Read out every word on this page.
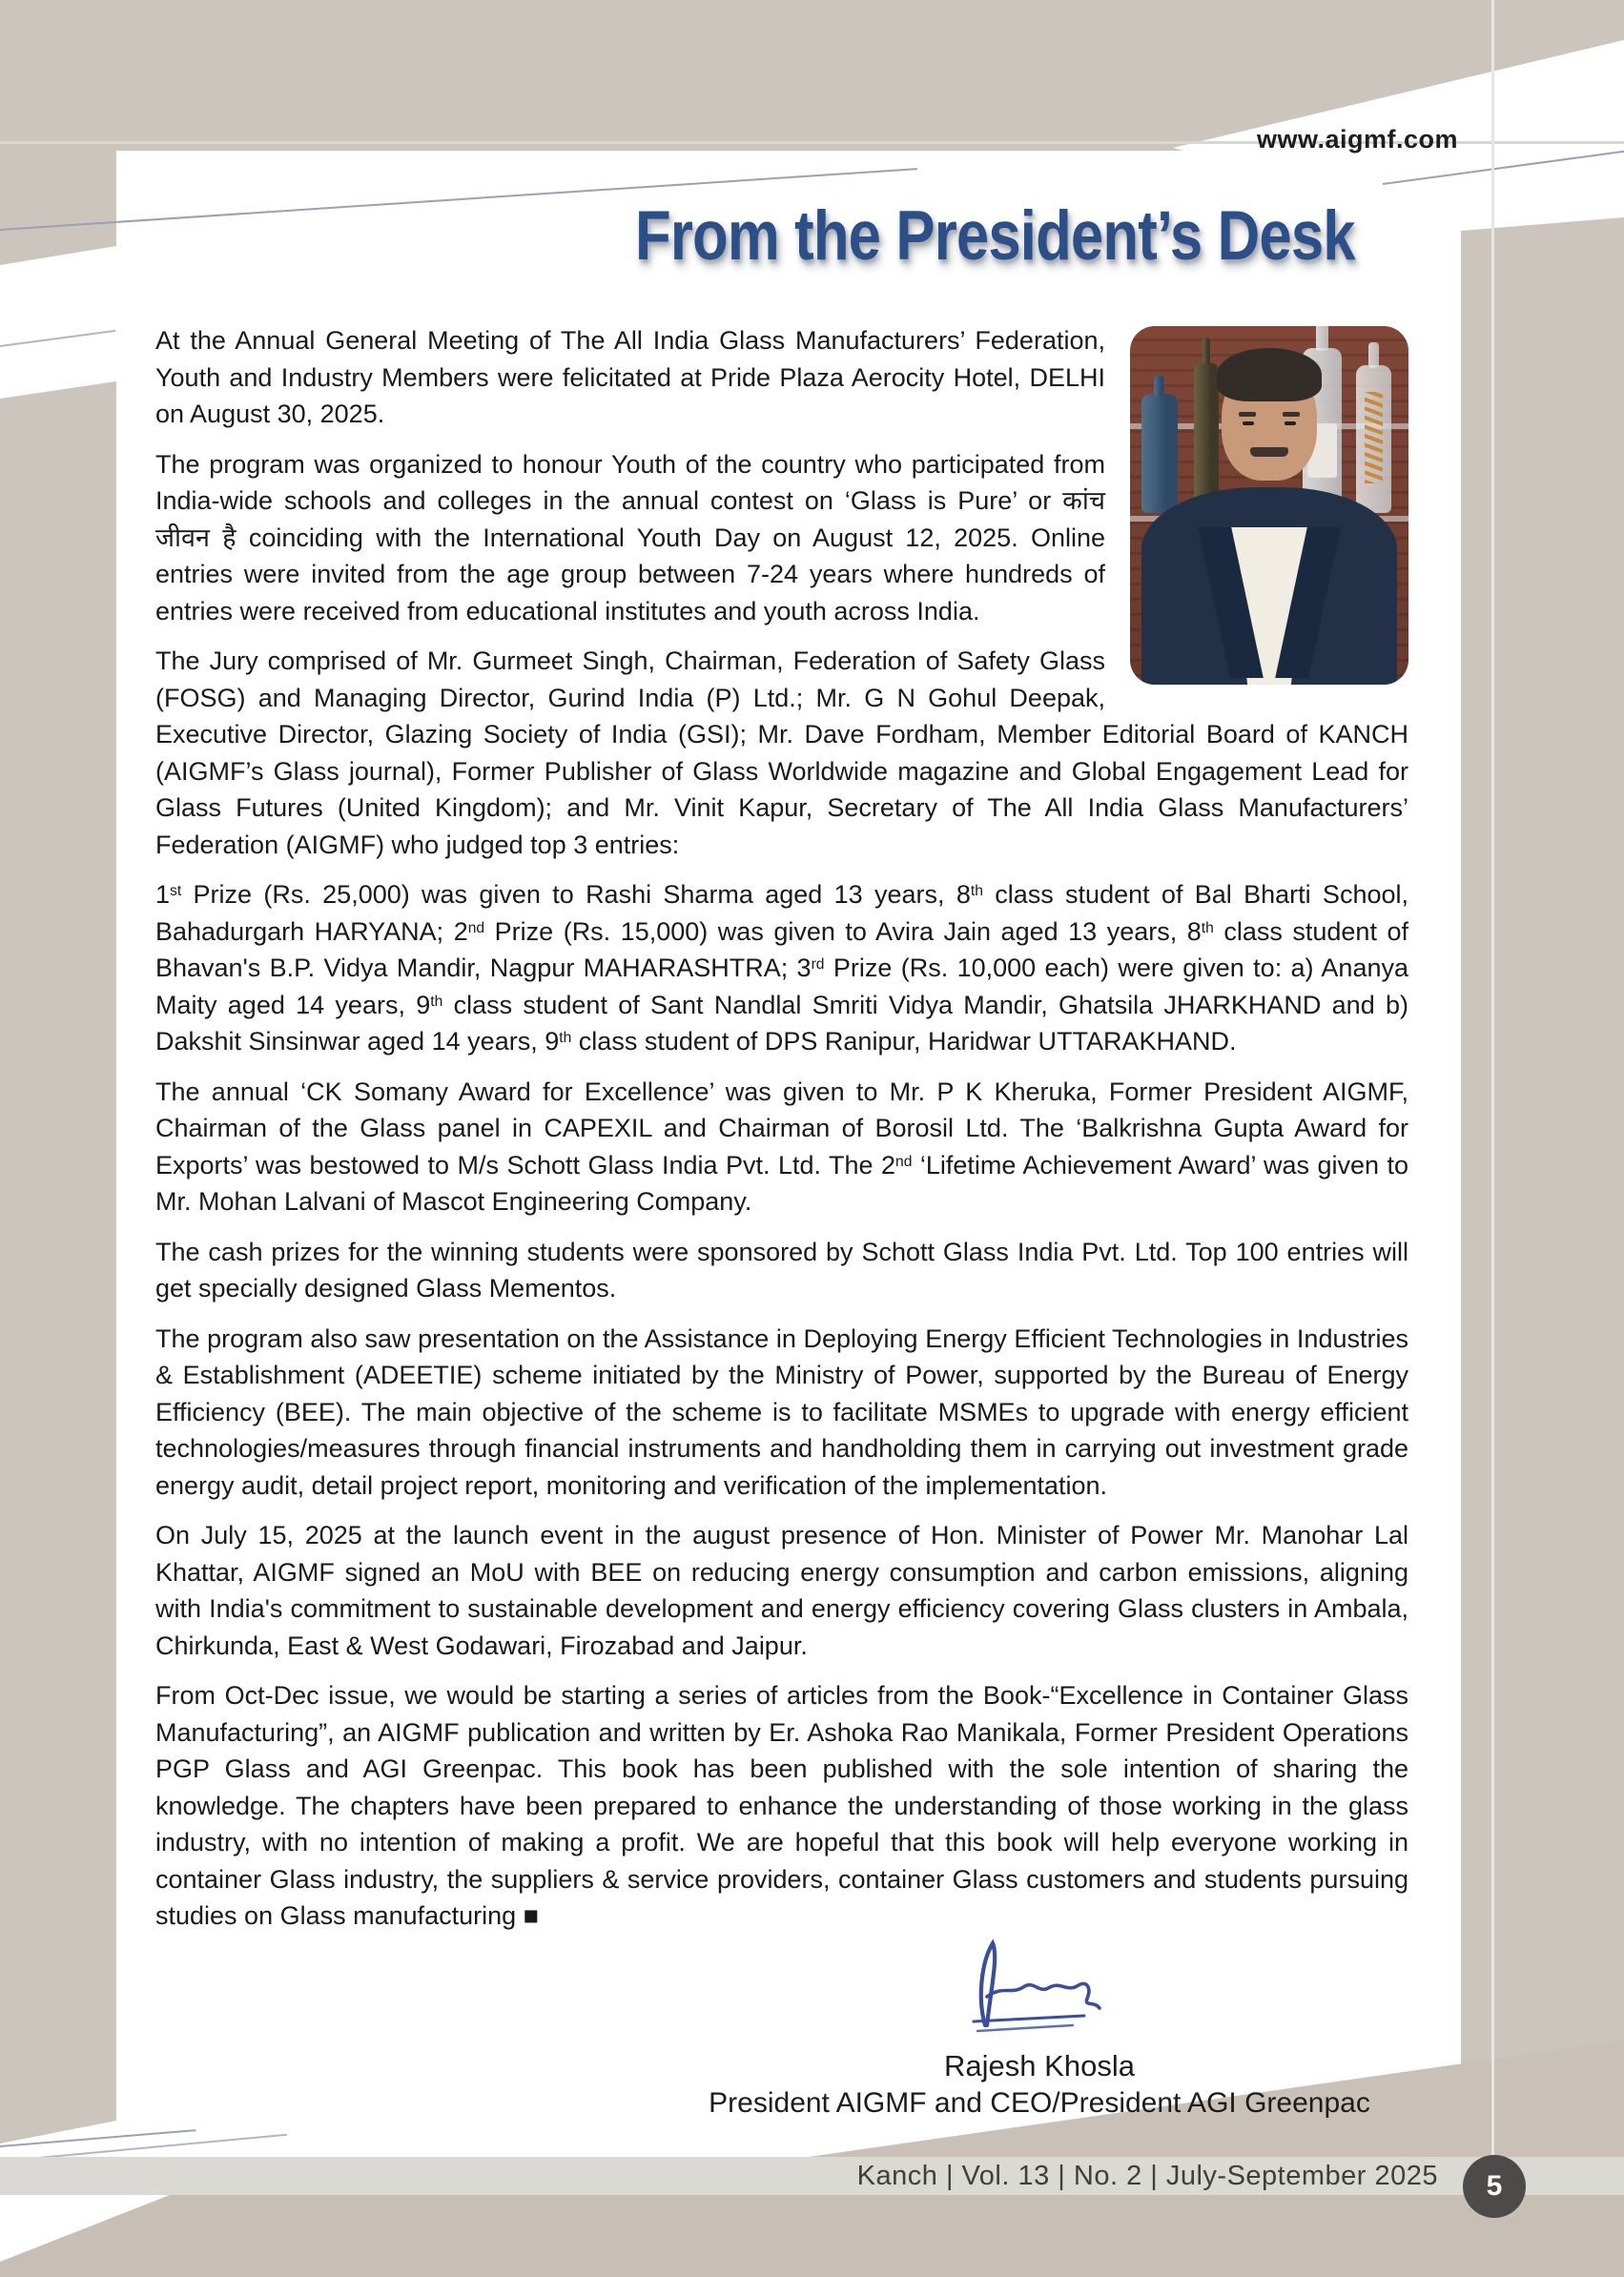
www.aigmf.com
From the President’s Desk

At the Annual General Meeting of The All India Glass Manufacturers’ Federation, Youth and Industry Members were felicitated at Pride Plaza Aerocity Hotel, DELHI on August 30, 2025.

The program was organized to honour Youth of the country who participated from India-wide schools and colleges in the annual contest on ‘Glass is Pure’ or कांच जीवन है coinciding with the International Youth Day on August 12, 2025. Online entries were invited from the age group between 7-24 years where hundreds of entries were received from educational institutes and youth across India.

The Jury comprised of Mr. Gurmeet Singh, Chairman, Federation of Safety Glass (FOSG) and Managing Director, Gurind India (P) Ltd.; Mr. G N Gohul Deepak, Executive Director, Glazing Society of India (GSI); Mr. Dave Fordham, Member Editorial Board of KANCH (AIGMF’s Glass journal), Former Publisher of Glass Worldwide magazine and Global Engagement Lead for Glass Futures (United Kingdom); and Mr. Vinit Kapur, Secretary of The All India Glass Manufacturers’ Federation (AIGMF) who judged top 3 entries:

1st Prize (Rs. 25,000) was given to Rashi Sharma aged 13 years, 8th class student of Bal Bharti School, Bahadurgarh HARYANA; 2nd Prize (Rs. 15,000) was given to Avira Jain aged 13 years, 8th class student of Bhavan's B.P. Vidya Mandir, Nagpur MAHARASHTRA; 3rd Prize (Rs. 10,000 each) were given to: a) Ananya Maity aged 14 years, 9th class student of Sant Nandlal Smriti Vidya Mandir, Ghatsila JHARKHAND and b) Dakshit Sinsinwar aged 14 years, 9th class student of DPS Ranipur, Haridwar UTTARAKHAND.

The annual ‘CK Somany Award for Excellence’ was given to Mr. P K Kheruka, Former President AIGMF, Chairman of the Glass panel in CAPEXIL and Chairman of Borosil Ltd. The ‘Balkrishna Gupta Award for Exports’ was bestowed to M/s Schott Glass India Pvt. Ltd. The 2nd ‘Lifetime Achievement Award’ was given to Mr. Mohan Lalvani of Mascot Engineering Company.

The cash prizes for the winning students were sponsored by Schott Glass India Pvt. Ltd. Top 100 entries will get specially designed Glass Mementos.

The program also saw presentation on the Assistance in Deploying Energy Efficient Technologies in Industries & Establishment (ADEETIE) scheme initiated by the Ministry of Power, supported by the Bureau of Energy Efficiency (BEE). The main objective of the scheme is to facilitate MSMEs to upgrade with energy efficient technologies/measures through financial instruments and handholding them in carrying out investment grade energy audit, detail project report, monitoring and verification of the implementation.

On July 15, 2025 at the launch event in the august presence of Hon. Minister of Power Mr. Manohar Lal Khattar, AIGMF signed an MoU with BEE on reducing energy consumption and carbon emissions, aligning with India's commitment to sustainable development and energy efficiency covering Glass clusters in Ambala, Chirkunda, East & West Godawari, Firozabad and Jaipur.

From Oct-Dec issue, we would be starting a series of articles from the Book-“Excellence in Container Glass Manufacturing”, an AIGMF publication and written by Er. Ashoka Rao Manikala, Former President Operations PGP Glass and AGI Greenpac. This book has been published with the sole intention of sharing the knowledge. The chapters have been prepared to enhance the understanding of those working in the glass industry, with no intention of making a profit. We are hopeful that this book will help everyone working in container Glass industry, the suppliers & service providers, container Glass customers and students pursuing studies on Glass manufacturing ■

Rajesh Khosla
President AIGMF and CEO/President AGI Greenpac
Kanch | Vol. 13 | No. 2 | July-September 2025 5
